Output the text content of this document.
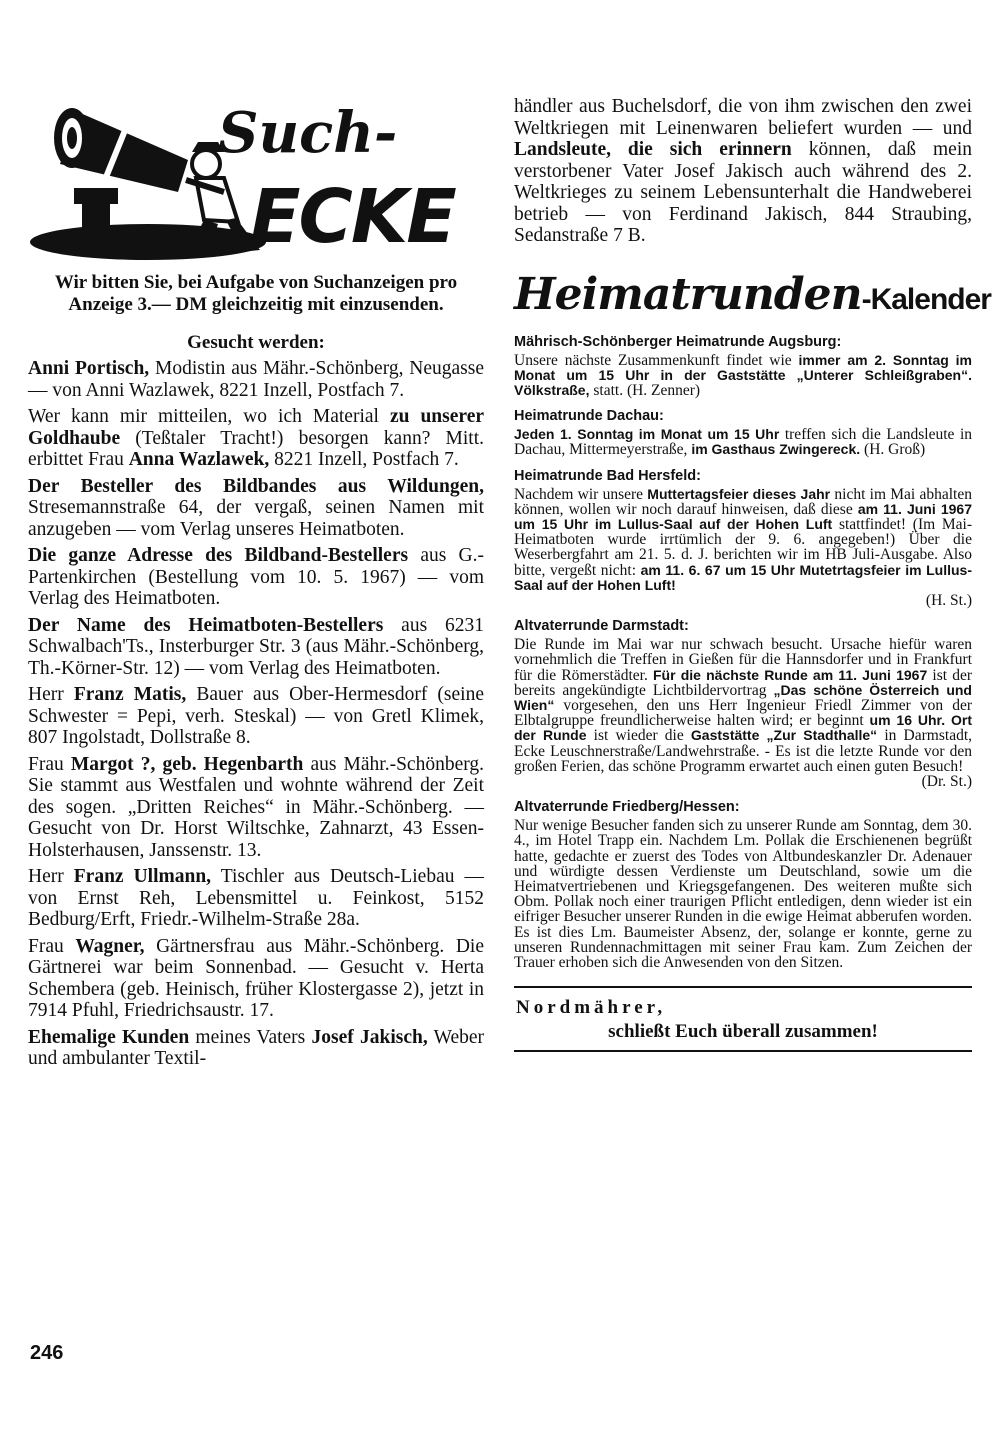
Such-
ECKE

Wir bitten Sie, bei Aufgabe von Suchanzeigen pro Anzeige 3.— DM gleichzeitig mit einzusenden.

Gesucht werden:

Anni Portisch, Modistin aus Mähr.-Schönberg, Neugasse — von Anni Wazlawek, 8221 Inzell, Postfach 7.

Wer kann mir mitteilen, wo ich Material zu unserer Goldhaube (Teßtaler Tracht!) besorgen kann? Mitt. erbittet Frau Anna Wazlawek, 8221 Inzell, Postfach 7.

Der Besteller des Bildbandes aus Wildungen, Stresemannstraße 64, der vergaß, seinen Namen mit anzugeben — vom Verlag unseres Heimatboten.

Die ganze Adresse des Bildband-Bestellers aus G.-Partenkirchen (Bestellung vom 10. 5. 1967) — vom Verlag des Heimatboten.

Der Name des Heimatboten-Bestellers aus 6231 Schwalbach'Ts., Insterburger Str. 3 (aus Mähr.-Schönberg, Th.-Körner-Str. 12) — vom Verlag des Heimatboten.

Herr Franz Matis, Bauer aus Ober-Hermesdorf (seine Schwester = Pepi, verh. Steskal) — von Gretl Klimek, 807 Ingolstadt, Dollstraße 8.

Frau Margot ?, geb. Hegenbarth aus Mähr.-Schönberg. Sie stammt aus Westfalen und wohnte während der Zeit des sogen. „Dritten Reiches“ in Mähr.-Schönberg. — Gesucht von Dr. Horst Wiltschke, Zahnarzt, 43 Essen-Holsterhausen, Janssenstr. 13.

Herr Franz Ullmann, Tischler aus Deutsch-Liebau — von Ernst Reh, Lebensmittel u. Feinkost, 5152 Bedburg/Erft, Friedr.-Wilhelm-Straße 28a.

Frau Wagner, Gärtnersfrau aus Mähr.-Schönberg. Die Gärtnerei war beim Sonnenbad. — Gesucht v. Herta Schembera (geb. Heinisch, früher Klostergasse 2), jetzt in 7914 Pfuhl, Friedrichsaustr. 17.

Ehemalige Kunden meines Vaters Josef Jakisch, Weber und ambulanter Textil-

246

händler aus Buchelsdorf, die von ihm zwischen den zwei Weltkriegen mit Leinenwaren beliefert wurden — und Landsleute, die sich erinnern können, daß mein verstorbener Vater Josef Jakisch auch während des 2. Weltkrieges zu seinem Lebensunterhalt die Handweberei betrieb — von Ferdinand Jakisch, 844 Straubing, Sedanstraße 7 B.

Heimatrunden-Kalender
Mährisch-Schönberger Heimatrunde Augsburg:

Unsere nächste Zusammenkunft findet wie immer am 2. Sonntag im Monat um 15 Uhr in der Gaststätte „Unterer Schleißgraben“. Völkstraße, statt. (H. Zenner)

Heimatrunde Dachau:

Jeden 1. Sonntag im Monat um 15 Uhr treffen sich die Landsleute in Dachau, Mittermeyerstraße, im Gasthaus Zwingereck. (H. Groß)

Heimatrunde Bad Hersfeld:

Nachdem wir unsere Muttertagsfeier dieses Jahr nicht im Mai abhalten können, wollen wir noch darauf hinweisen, daß diese am 11. Juni 1967 um 15 Uhr im Lullus-Saal auf der Hohen Luft stattfindet! (Im Mai-Heimatboten wurde irrtümlich der 9. 6. angegeben!) Über die Weserbergfahrt am 21. 5. d. J. berichten wir im HB Juli-Ausgabe. Also bitte, vergeßt nicht: am 11. 6. 67 um 15 Uhr Mutetrtagsfeier im Lullus-Saal auf der Hohen Luft!
(H. St.)

Altvaterrunde Darmstadt:

Die Runde im Mai war nur schwach besucht. Ursache hiefür waren vornehmlich die Treffen in Gießen für die Hannsdorfer und in Frankfurt für die Römerstädter. Für die nächste Runde am 11. Juni 1967 ist der bereits angekündigte Lichtbildervortrag „Das schöne Österreich und Wien“ vorgesehen, den uns Herr Ingenieur Friedl Zimmer von der Elbtalgruppe freundlicherweise halten wird; er beginnt um 16 Uhr. Ort der Runde ist wieder die Gaststätte „Zur Stadthalle“ in Darmstadt, Ecke Leuschnerstraße/Landwehrstraße. - Es ist die letzte Runde vor den großen Ferien, das schöne Programm erwartet auch einen guten Besuch!
(Dr. St.)

Altvaterrunde Friedberg/Hessen:

Nur wenige Besucher fanden sich zu unserer Runde am Sonntag, dem 30. 4., im Hotel Trapp ein. Nachdem Lm. Pollak die Erschienenen begrüßt hatte, gedachte er zuerst des Todes von Altbundeskanzler Dr. Adenauer und würdigte dessen Verdienste um Deutschland, sowie um die Heimatvertriebenen und Kriegsgefangenen. Des weiteren mußte sich Obm. Pollak noch einer traurigen Pflicht entledigen, denn wieder ist ein eifriger Besucher unserer Runden in die ewige Heimat abberufen worden. Es ist dies Lm. Baumeister Absenz, der, solange er konnte, gerne zu unseren Rundennachmittagen mit seiner Frau kam. Zum Zeichen der Trauer erhoben sich die Anwesenden von den Sitzen.

Nordmährer,
schließt Euch überall zusammen!
